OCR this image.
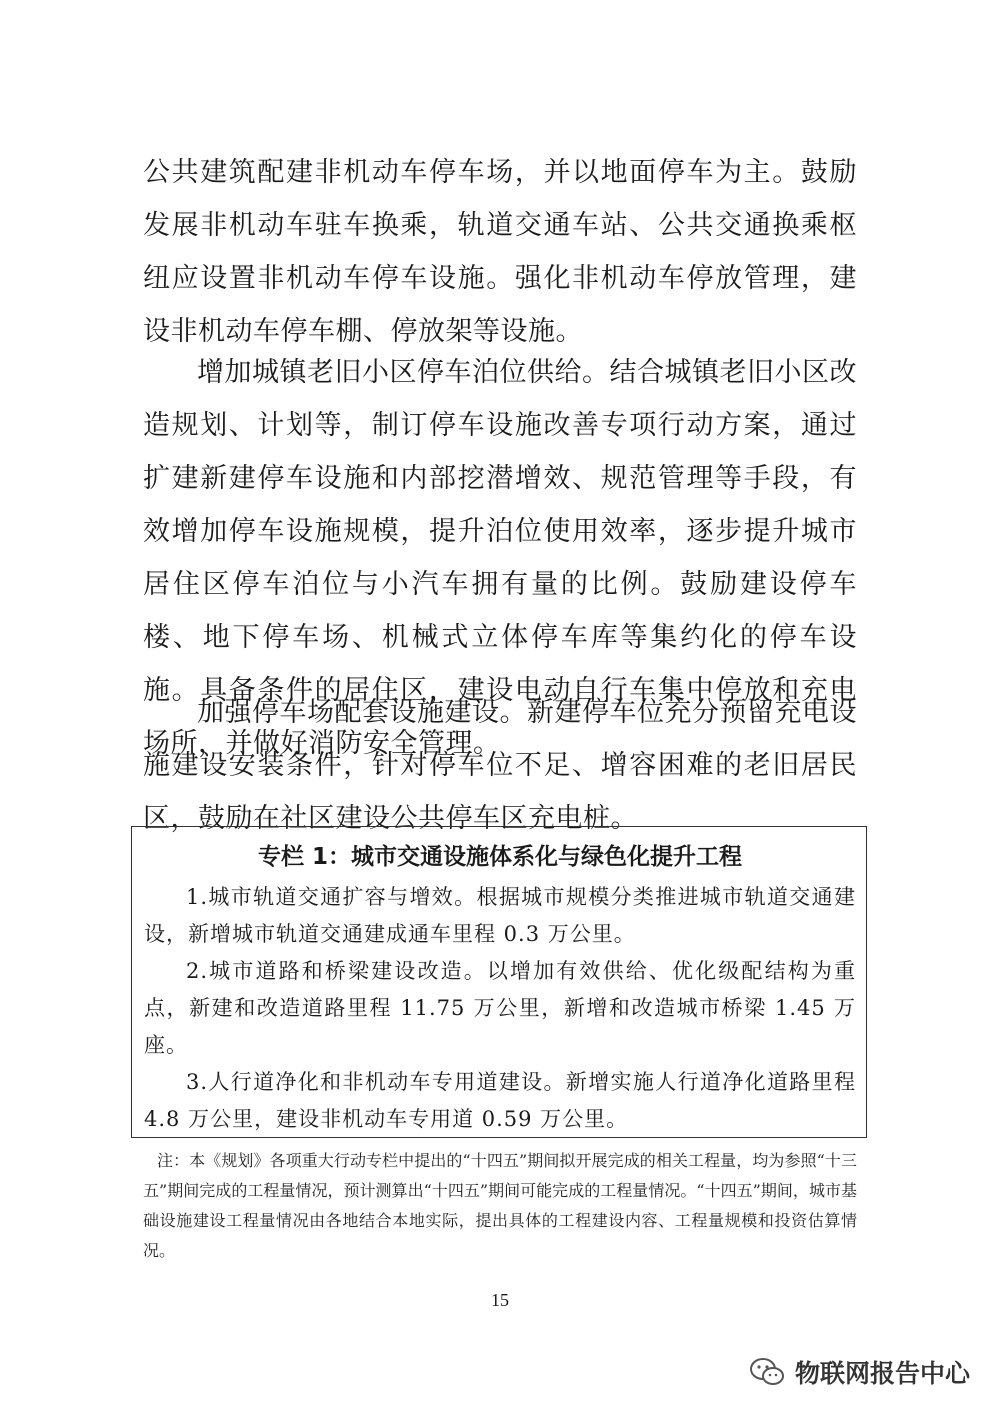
公共建筑配建非机动车停车场，并以地面停车为主。鼓励发展非机动车驻车换乘，轨道交通车站、公共交通换乘枢纽应设置非机动车停车设施。强化非机动车停放管理，建设非机动车停车棚、停放架等设施。
增加城镇老旧小区停车泊位供给。结合城镇老旧小区改造规划、计划等，制订停车设施改善专项行动方案，通过扩建新建停车设施和内部挖潜增效、规范管理等手段，有效增加停车设施规模，提升泊位使用效率，逐步提升城市居住区停车泊位与小汽车拥有量的比例。鼓励建设停车楼、地下停车场、机械式立体停车库等集约化的停车设施。具备条件的居住区，建设电动自行车集中停放和充电场所，并做好消防安全管理。
加强停车场配套设施建设。新建停车位充分预留充电设施建设安装条件，针对停车位不足、增容困难的老旧居民区，鼓励在社区建设公共停车区充电桩。
专栏 1：城市交通设施体系化与绿色化提升工程
1.城市轨道交通扩容与增效。根据城市规模分类推进城市轨道交通建设，新增城市轨道交通建成通车里程 0.3 万公里。
2.城市道路和桥梁建设改造。以增加有效供给、优化级配结构为重点，新建和改造道路里程 11.75 万公里，新增和改造城市桥梁 1.45 万座。
3.人行道净化和非机动车专用道建设。新增实施人行道净化道路里程 4.8 万公里，建设非机动车专用道 0.59 万公里。
注：本《规划》各项重大行动专栏中提出的“十四五”期间拟开展完成的相关工程量，均为参照“十三五”期间完成的工程量情况，预计测算出“十四五”期间可能完成的工程量情况。“十四五”期间，城市基础设施建设工程量情况由各地结合本地实际，提出具体的工程建设内容、工程量规模和投资估算情况。
15
物联网报告中心
